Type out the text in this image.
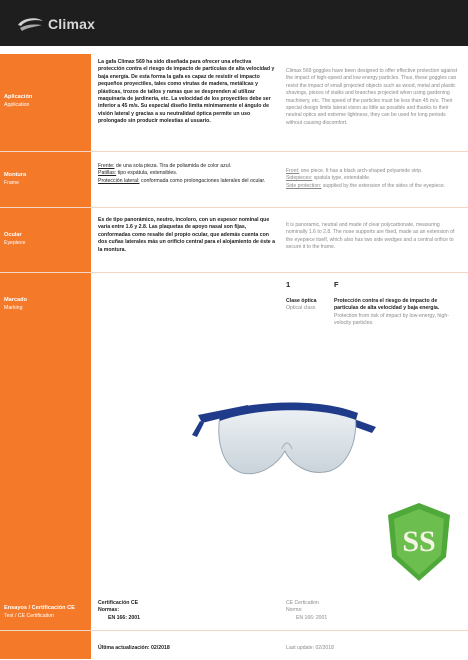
Climax
Aplicación
Application
La gafa Climax 569 ha sido diseñada para ofrecer una efectiva protección contra el riesgo de impacto de partículas de alta velocidad y baja energía. De esta forma la gafa es capaz de resistir el impacto pequeños proyectiles, tales como virutas de madera, metálicas y plásticas, trozos de tallos y ramas que se desprenden al utilizar maquinaria de jardinería, etc. La velocidad de los proyectiles debe ser inferior a 45 m/s. Su especial diseño limita mínimamente el ángulo de visión lateral y gracias a su neutralidad óptica permite un uso prolongado sin producir molestias al usuario.
Climax 569 goggles have been designed to offer effective protection against the impact of high-speed and low energy particles. Thus, these goggles can resist the impact of small projected objects such as wood, metal and plastic shavings, pieces of stalks and branches projected when using gardening machinery, etc. The speed of the particles must be less than 45 m/s. Their special design limits lateral vision as little as possible and thanks to their neutral optics and extreme lightness, they can be used for long periods without causing discomfort.
Montura
Frame
Frente: de una sola pieza. Tira de poliamida de color azul.
Patillas: tipo espátula, extensibles.
Protección lateral: conformada como prolongaciones laterales del ocular.
Front: one piece. It has a black arch-shaped polyamide strip.
Sidepieces: spatula type, extendable.
Side protection: supplied by the extension of the sides of the eyepiece.
Ocular
Eyepiece
Es de tipo panorámico, neutro, incoloro, con un espesor nominal que varía entre 1.6 y 2.8. Las plaquetas de apoyo nasal son fijas, conformadas como resalte del propio ocular, que además cuenta con dos cuñas laterales más un orificio central para el alojamiento de éste a la montura.
It is panoramic, neutral and made of clear polycarbonate, measuring nominally 1.6 to 2.8. The nose supports are fixed, made as an extension of the eyepiece itself, which also has two side wedges and a central orifice to secure it to the frame.
Marcado
Marking
1	F
Clase óptica
Optical class
Protección contra el riesgo de impacto de partículas de alta velocidad y baja energía.
Protection from risk of impact by low-energy, high-velocity particles.
SS
Ensayos / Certificación CE
Test / CE Certification
Certificación CE
Normas:
EN 166: 2001
CE Certication
Norms:
EN 166: 2001
Última actualización: 02/2018	Last update: 02/2018
